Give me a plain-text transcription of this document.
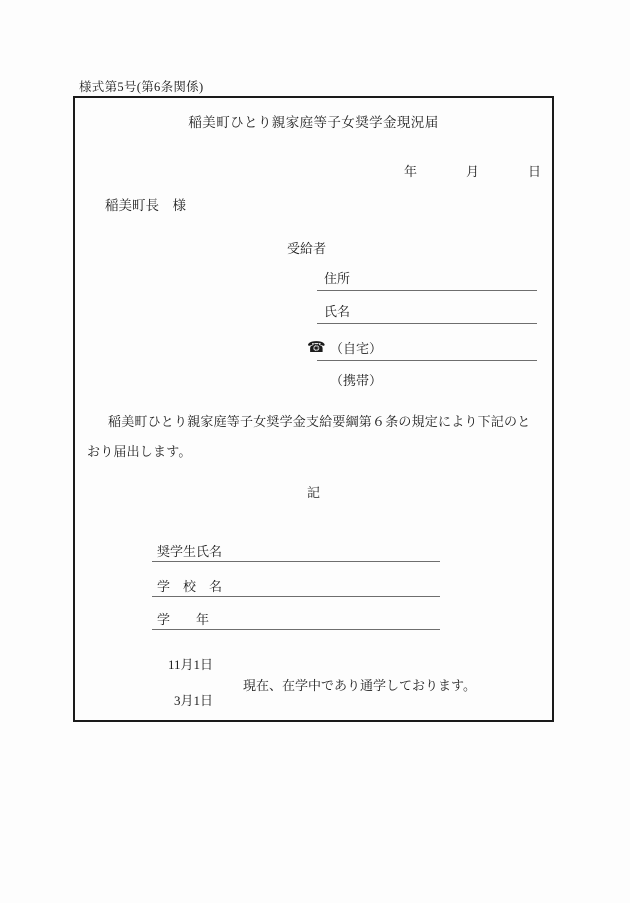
様式第5号(第6条関係)
稲美町ひとり親家庭等子女奨学金現況届
年	月	日
稲美町長　様
受給者
住所
氏名
☎ （自宅）
（携帯）

稲美町ひとり親家庭等子女奨学金支給要綱第６条の規定により下記のとおり届出します。

記
奨学生氏名
学　校　名
学　　年
11月1日
3月1日
現在、在学中であり通学しております。
